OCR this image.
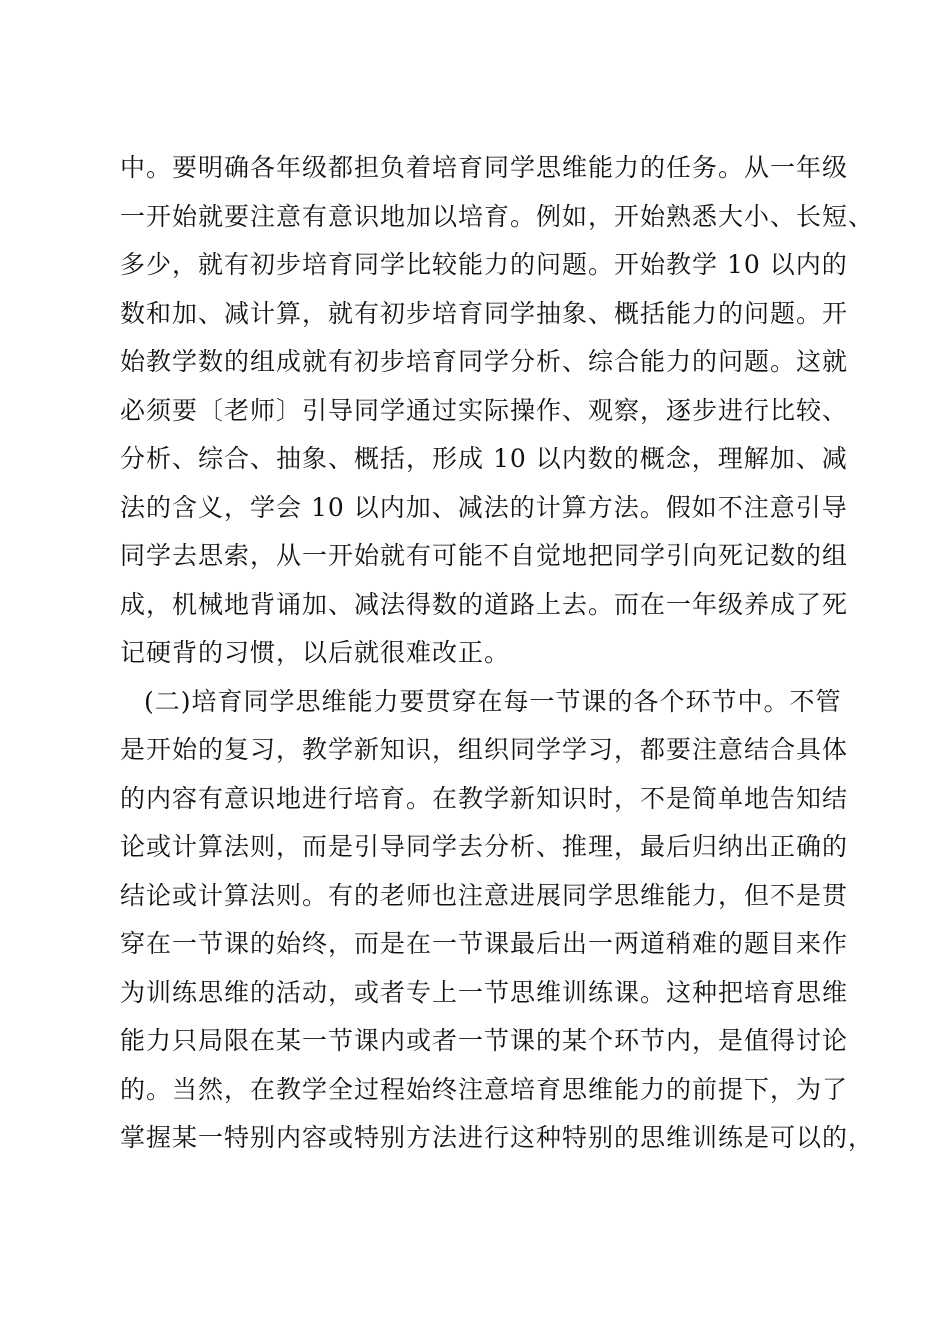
中。要明确各年级都担负着培育同学思维能力的任务。从一年级
一开始就要注意有意识地加以培育。例如，开始熟悉大小、长短、
多少，就有初步培育同学比较能力的问题。开始教学 10 以内的
数和加、减计算，就有初步培育同学抽象、概括能力的问题。开
始教学数的组成就有初步培育同学分析、综合能力的问题。这就
必须要〔老师〕引导同学通过实际操作、观察，逐步进行比较、
分析、综合、抽象、概括，形成 10 以内数的概念，理解加、减
法的含义，学会 10 以内加、减法的计算方法。假如不注意引导
同学去思索，从一开始就有可能不自觉地把同学引向死记数的组
成，机械地背诵加、减法得数的道路上去。而在一年级养成了死
记硬背的习惯，以后就很难改正。
(二)培育同学思维能力要贯穿在每一节课的各个环节中。不管
是开始的复习，教学新知识，组织同学学习，都要注意结合具体
的内容有意识地进行培育。在教学新知识时，不是简单地告知结
论或计算法则，而是引导同学去分析、推理，最后归纳出正确的
结论或计算法则。有的老师也注意进展同学思维能力，但不是贯
穿在一节课的始终，而是在一节课最后出一两道稍难的题目来作
为训练思维的活动，或者专上一节思维训练课。这种把培育思维
能力只局限在某一节课内或者一节课的某个环节内，是值得讨论
的。当然，在教学全过程始终注意培育思维能力的前提下，为了
掌握某一特别内容或特别方法进行这种特别的思维训练是可以的，
